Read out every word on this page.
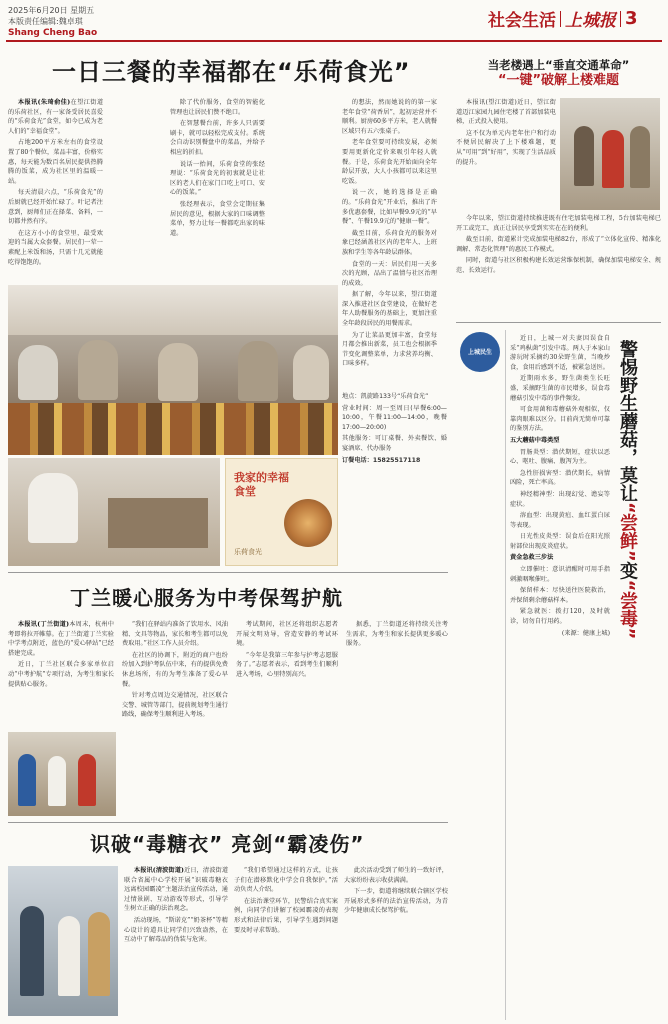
2025年6月20日 星期五
本版责任编辑:魏卓琪
Shang Cheng Bao
社会生活 上城报 3
一日三餐的幸福都在“乐荷食光”

本报讯(朱琦俞佳)在望江街道的乐荷社区，有一家备受居民喜爱的“乐荷食光”食堂，如今已成为老人们的“幸福食堂”。

占地200平方米左右的食堂设置了80个餐位，菜品丰富，价格实惠，每天能为数百名居民提供热腾腾的饭菜，成为社区里的温暖一站。

每天清晨六点，“乐荷食光”的后厨就已经开始忙碌了。叶记者注意到，厨师们正在择菜、备料，一切都井然有序。

在这方小小的食堂里，最受欢迎的当属大众套餐。居民们一荤一素配上米饭和汤，只需十几元就能吃得饱饱的。

除了代价服务，食堂的智能化管理也让居民们赞不绝口。

在智慧餐台前，许多人只需要刷卡，就可以轻松完成支付。系统会自动识别餐盘中的菜品，并给予相应的折扣。

说话一抬间，乐荷食堂的张经理说：“乐荷食光的初衷就是让社区的老人们在家门口吃上可口、安心的饭菜。”

张经理表示，食堂会定期征集居民的意见，根据大家的口味调整菜单，努力让每一餐都吃出家的味道。

我家的幸福食堂
乐荷食光

的想法，然而她说的的第一家老年食堂“荷香居”，起初运营并不顺利。厨房60多平方米，老人就餐区域只有五六张桌子。

老年食堂要可持续发展，必须要用更新化定价来吸引年轻人就餐。于是，乐荷食光开始面向全年龄层开放，大人小孩都可以来这里吃饭。

说一次，她的选择是正确的。“乐荷食光”开业后，推出了许多优惠套餐，比如早餐9.9元的“早餐”、午餐19.9元的“健康一餐”。

截至目前，乐荷食光的服务对象已经涵盖社区内的老年人、上班族和学生等各年龄层群体。

食堂的一天：居民们用一天多次的光顾，品出了温情与社区治理的成效。

据了解，今年以来，望江街道深入推进社区食堂建设，在做好老年人助餐服务的基础上，更加注重全年龄段居民的用餐需求。

为了让菜品更加丰富，食堂每月都会推出新菜，员工也会根据季节变化调整菜单，力求营养均衡、口味多样。

地点：凯旋路133号“乐荷食光”

营业时间：周一至周日(早餐6:00—10:00，午餐11:00—14:00，晚餐17:00—20:00)

其他服务：可订桌餐、外卖餐饮、婚宴酒席、代办服务

订餐电话：15825517118

当老楼遇上“垂直交通革命”
“一键”破解上楼难题

本报讯(望江街道)近日，望江街道迈江家园九园住宅楼了首部加装电梯，正式投入使用。

这不仅为单元内老年住户和行动不便居民解决了上下楼难题，更从“可用”到“好用”，实现了生活品质的提升。

今年以来，望江街道持续推进既有住宅加装电梯工程，5台加装电梯已开工或完工，真正让居民享受到实实在在的便利。

截至目前，街道累计完成加装电梯82台，形成了“立体化宣传、精准化调解、常态化管理”的惠民工作模式。

同时，街道与社区积极构建长效运营维保机制，确保加装电梯安全、规范、长效运行。

上城民生

近日，上城一对夫妻因误食自采“鸡枞菌”引发中毒。两人于本家山游玩时采摘约30朵野生菌，当晚炒食，食用后感到不适，被紧急送医。

近期雨水多，野生菌类生长旺盛，采摘野生菌的市民增多，误食毒蘑菇引发中毒的事件频发。

可食用菌和毒蘑菇外观相似，仅靠肉眼难以区分。目前尚无简单可靠的鉴别方法。

五大蘑菇中毒类型

胃肠炎型：潜伏期短，症状以恶心、呕吐、腹痛、腹泻为主。

急性肝损害型：潜伏期长，病情凶险，死亡率高。

神经精神型：出现幻觉、谵妄等症状。

溶血型：出现黄疸、血红蛋白尿等表现。

日光性皮炎型：误食后在阳光照射部位出现皮炎症状。

黄金急救三步法

立即催吐：意识清醒时可用手指刺激咽喉催吐。

保留样本：尽快送往医院救治，并保留剩余蘑菇样本。

紧急就医：拨打120，及时就诊，切勿自行用药。

(来源：健康上城)

警惕野生蘑菇，莫让“尝鲜”变“尝毒”
丁兰暖心服务为中考保驾护航

本报讯(丁兰街道)本周末，杭州中考即将拉开帷幕。在丁兰街道丁兰实验中学考点附近，蓝色的“爱心驿站”已经搭建完成。

近日，丁兰社区联合多家单位启动“中考护航”专项行动，为考生和家长提供贴心服务。

“我们在驿站内准备了饮用水、风油精、文具等物品，家长和考生都可以免费取用。”社区工作人员介绍。

在社区的协调下，附近的商户也纷纷加入到护考队伍中来，有的提供免费休息场所，有的为考生准备了爱心早餐。

针对考点周边交通情况，社区联合交警、城管等部门，提前规划考生通行路线，确保考生顺利进入考场。

考试期间，社区还将组织志愿者开展文明劝导，营造安静的考试环境。

“今年是我第三年参与护考志愿服务了。”志愿者表示，看到考生们顺利进入考场，心里特别高兴。

据悉，丁兰街道还将持续关注考生需求，为考生和家长提供更多暖心服务。

识破“毒糖衣” 亮剑“霸凌伤”

本报讯(清波街道)近日，清波街道联合省属中心学校开展“识破毒糖衣 远离校园霸凌”主题法治宣传活动，通过情景剧、互动游戏等形式，引导学生树立正确的法治观念。

活动现场，“斯诺克”“奶茶杯”等精心设计的道具让同学们兴致盎然，在互动中了解毒品的伪装与危害。

“我们希望通过这样的方式，让孩子们在潜移默化中学会自我保护。”活动负责人介绍。

在法治课堂环节，民警结合真实案例，向同学们讲解了校园霸凌的表现形式和法律后果，引导学生遇到问题要及时寻求帮助。

此次活动受到了师生的一致好评，大家纷纷表示收获满满。

下一步，街道将继续联合辖区学校开展形式多样的法治宣传活动，为青少年健康成长保驾护航。
